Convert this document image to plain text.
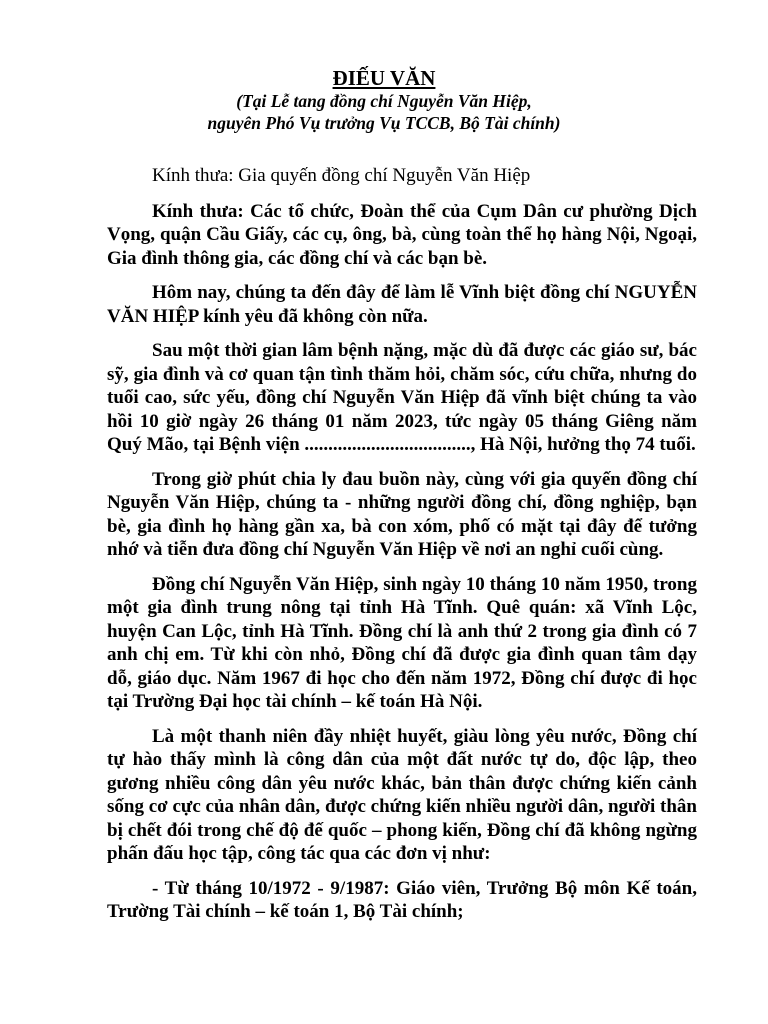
ĐIẾU VĂN
(Tại Lễ tang đồng chí Nguyễn Văn Hiệp,
nguyên Phó Vụ trưởng Vụ TCCB, Bộ Tài chính)

Kính thưa: Gia quyến đồng chí Nguyễn Văn Hiệp

Kính thưa: Các tổ chức, Đoàn thể của Cụm Dân cư phường Dịch Vọng, quận Cầu Giấy, các cụ, ông, bà, cùng toàn thể họ hàng Nội, Ngoại, Gia đình thông gia, các đồng chí và các bạn bè.

Hôm nay, chúng ta đến đây để làm lễ Vĩnh biệt đồng chí NGUYỄN VĂN HIỆP kính yêu đã không còn nữa.

Sau một thời gian lâm bệnh nặng, mặc dù đã được các giáo sư, bác sỹ, gia đình và cơ quan tận tình thăm hỏi, chăm sóc, cứu chữa, nhưng do tuổi cao, sức yếu, đồng chí Nguyễn Văn Hiệp đã vĩnh biệt chúng ta vào hồi 10 giờ ngày 26 tháng 01 năm 2023, tức ngày 05 tháng Giêng năm Quý Mão, tại Bệnh viện ..................................., Hà Nội, hưởng thọ 74 tuổi.

Trong giờ phút chia ly đau buồn này, cùng với gia quyến đồng chí Nguyễn Văn Hiệp, chúng ta - những người đồng chí, đồng nghiệp, bạn bè, gia đình họ hàng gần xa, bà con xóm, phố có mặt tại đây để tưởng nhớ và tiễn đưa đồng chí Nguyễn Văn Hiệp về nơi an nghỉ cuối cùng.

Đồng chí Nguyễn Văn Hiệp, sinh ngày 10 tháng 10 năm 1950, trong một gia đình trung nông tại tỉnh Hà Tĩnh. Quê quán: xã Vĩnh Lộc, huyện Can Lộc, tỉnh Hà Tĩnh. Đồng chí là anh thứ 2 trong gia đình có 7 anh chị em. Từ khi còn nhỏ, Đồng chí đã được gia đình quan tâm dạy dỗ, giáo dục. Năm 1967 đi học cho đến năm 1972, Đồng chí được đi học tại Trường Đại học tài chính – kế toán Hà Nội.

Là một thanh niên đầy nhiệt huyết, giàu lòng yêu nước, Đồng chí tự hào thấy mình là công dân của một đất nước tự do, độc lập, theo gương nhiều công dân yêu nước khác, bản thân được chứng kiến cảnh sống cơ cực của nhân dân, được chứng kiến nhiều người dân, người thân bị chết đói trong chế độ đế quốc – phong kiến, Đồng chí đã không ngừng phấn đấu học tập, công tác qua các đơn vị như:

- Từ tháng 10/1972 - 9/1987: Giáo viên, Trưởng Bộ môn Kế toán, Trường Tài chính – kế toán 1, Bộ Tài chính;
